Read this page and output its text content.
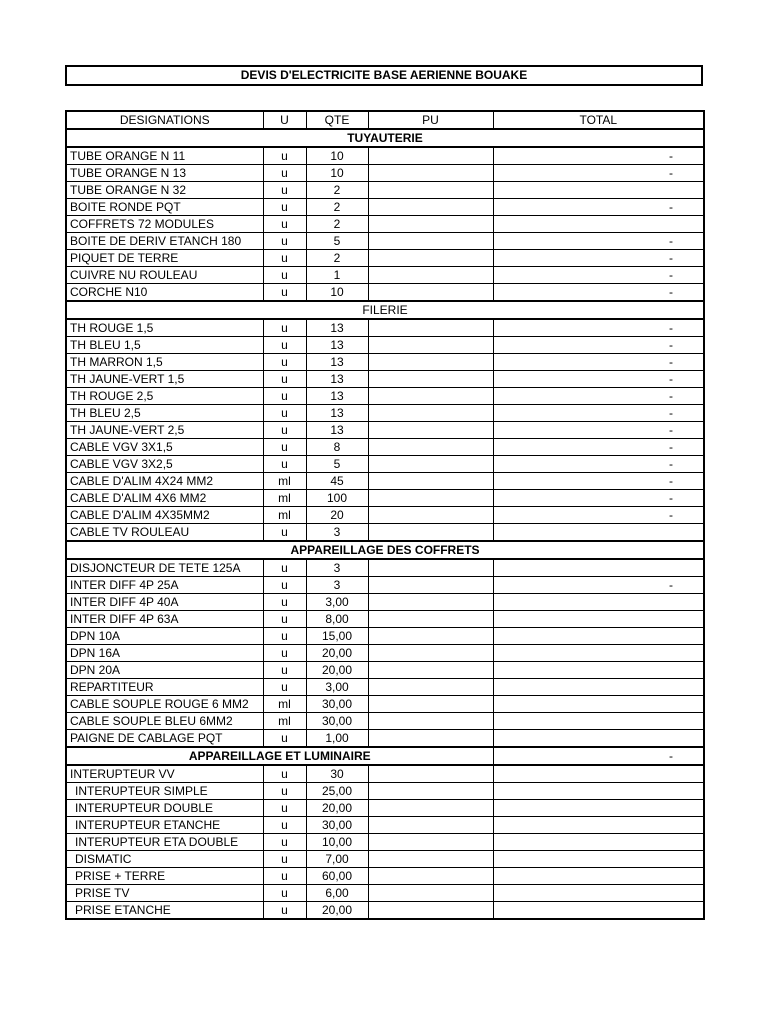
DEVIS D'ELECTRICITE BASE AERIENNE BOUAKE
DESIGNATIONS	U	QTE	PU	TOTAL
TUYAUTERIE				
TUBE ORANGE N 11	u	10		-
TUBE ORANGE N 13	u	10		-
TUBE ORANGE N 32	u	2		
BOITE RONDE PQT	u	2		-
COFFRETS 72 MODULES	u	2		
BOITE DE DERIV ETANCH 180	u	5		-
PIQUET DE TERRE	u	2		-
CUIVRE NU ROULEAU	u	1		-
CORCHE N10	u	10		-
FILERIE				
TH ROUGE 1,5	u	13		-
TH BLEU 1,5	u	13		-
TH MARRON 1,5	u	13		-
TH JAUNE-VERT 1,5	u	13		-
TH ROUGE 2,5	u	13		-
TH BLEU 2,5	u	13		-
TH JAUNE-VERT 2,5	u	13		-
CABLE VGV 3X1,5	u	8		-
CABLE VGV 3X2,5	u	5		-
CABLE D'ALIM 4X24 MM2	ml	45		-
CABLE D'ALIM 4X6 MM2	ml	100		-
CABLE D'ALIM 4X35MM2	ml	20		-
CABLE TV ROULEAU	u	3		
APPAREILLAGE DES COFFRETS				
DISJONCTEUR DE TETE 125A	u	3		
INTER DIFF 4P 25A	u	3		-
INTER DIFF 4P 40A	u	3,00		
INTER DIFF 4P 63A	u	8,00		
DPN 10A	u	15,00		
DPN 16A	u	20,00		
DPN 20A	u	20,00		
REPARTITEUR	u	3,00		
CABLE SOUPLE ROUGE 6 MM2	ml	30,00		
CABLE SOUPLE BLEU 6MM2	ml	30,00		
PAIGNE DE CABLAGE PQT	u	1,00		
APPAREILLAGE ET LUMINAIRE				-
INTERUPTEUR VV	u	30		
INTERUPTEUR SIMPLE	u	25,00		
INTERUPTEUR DOUBLE	u	20,00		
INTERUPTEUR ETANCHE	u	30,00		
INTERUPTEUR ETA DOUBLE	u	10,00		
DISMATIC	u	7,00		
PRISE + TERRE	u	60,00		
PRISE TV	u	6,00		
PRISE ETANCHE	u	20,00		
